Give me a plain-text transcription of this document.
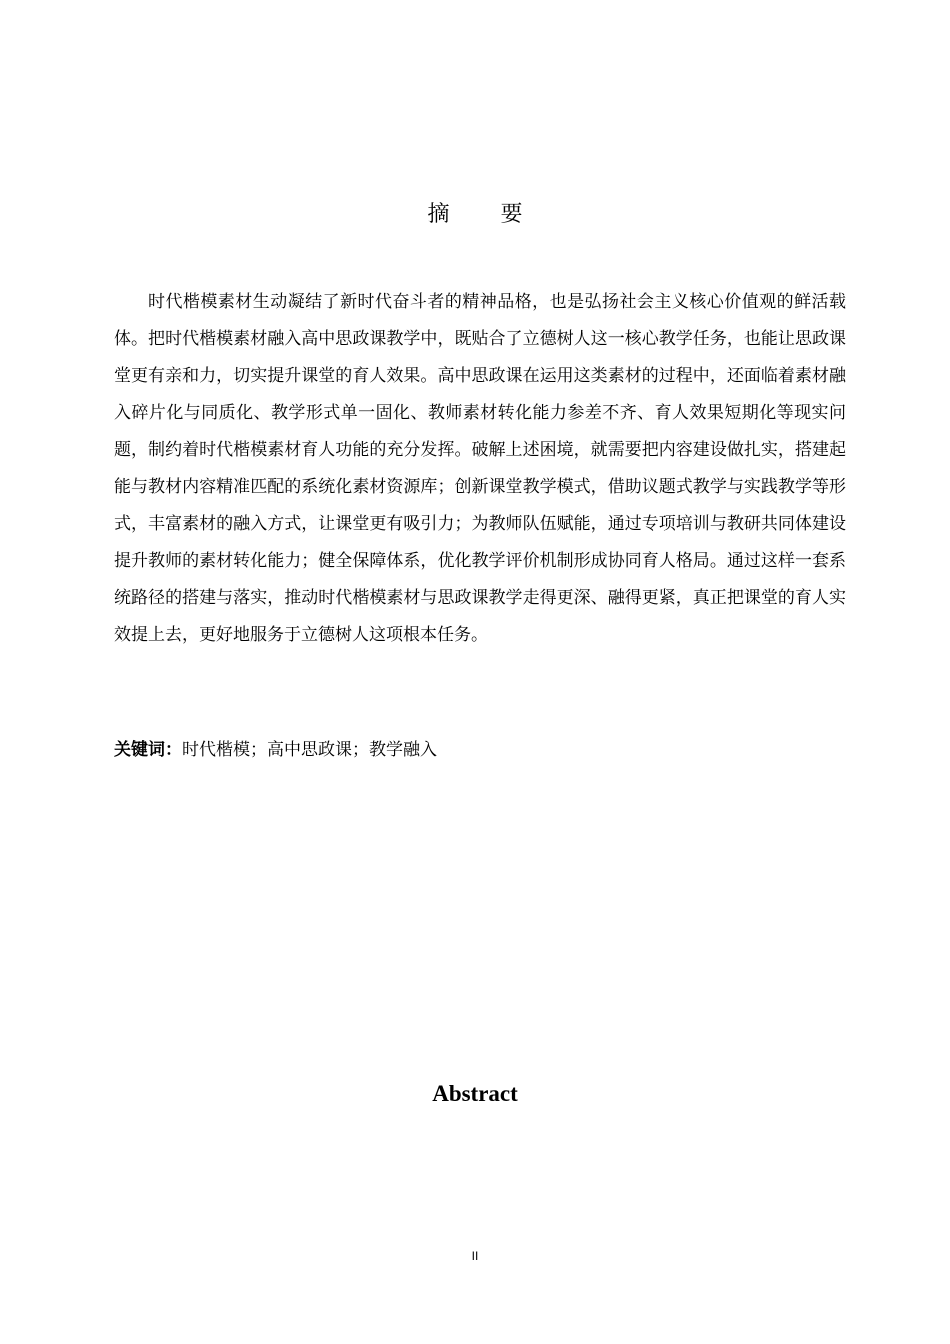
摘 要

时代楷模素材生动凝结了新时代奋斗者的精神品格，也是弘扬社会主义核心价值观的鲜活载体。把时代楷模素材融入高中思政课教学中，既贴合了立德树人这一核心教学任务，也能让思政课堂更有亲和力，切实提升课堂的育人效果。高中思政课在运用这类素材的过程中，还面临着素材融入碎片化与同质化、教学形式单一固化、教师素材转化能力参差不齐、育人效果短期化等现实问题，制约着时代楷模素材育人功能的充分发挥。破解上述困境，就需要把内容建设做扎实，搭建起能与教材内容精准匹配的系统化素材资源库；创新课堂教学模式，借助议题式教学与实践教学等形式，丰富素材的融入方式，让课堂更有吸引力；为教师队伍赋能，通过专项培训与教研共同体建设提升教师的素材转化能力；健全保障体系，优化教学评价机制形成协同育人格局。通过这样一套系统路径的搭建与落实，推动时代楷模素材与思政课教学走得更深、融得更紧，真正把课堂的育人实效提上去，更好地服务于立德树人这项根本任务。

关键词：时代楷模；高中思政课；教学融入
Abstract
II
